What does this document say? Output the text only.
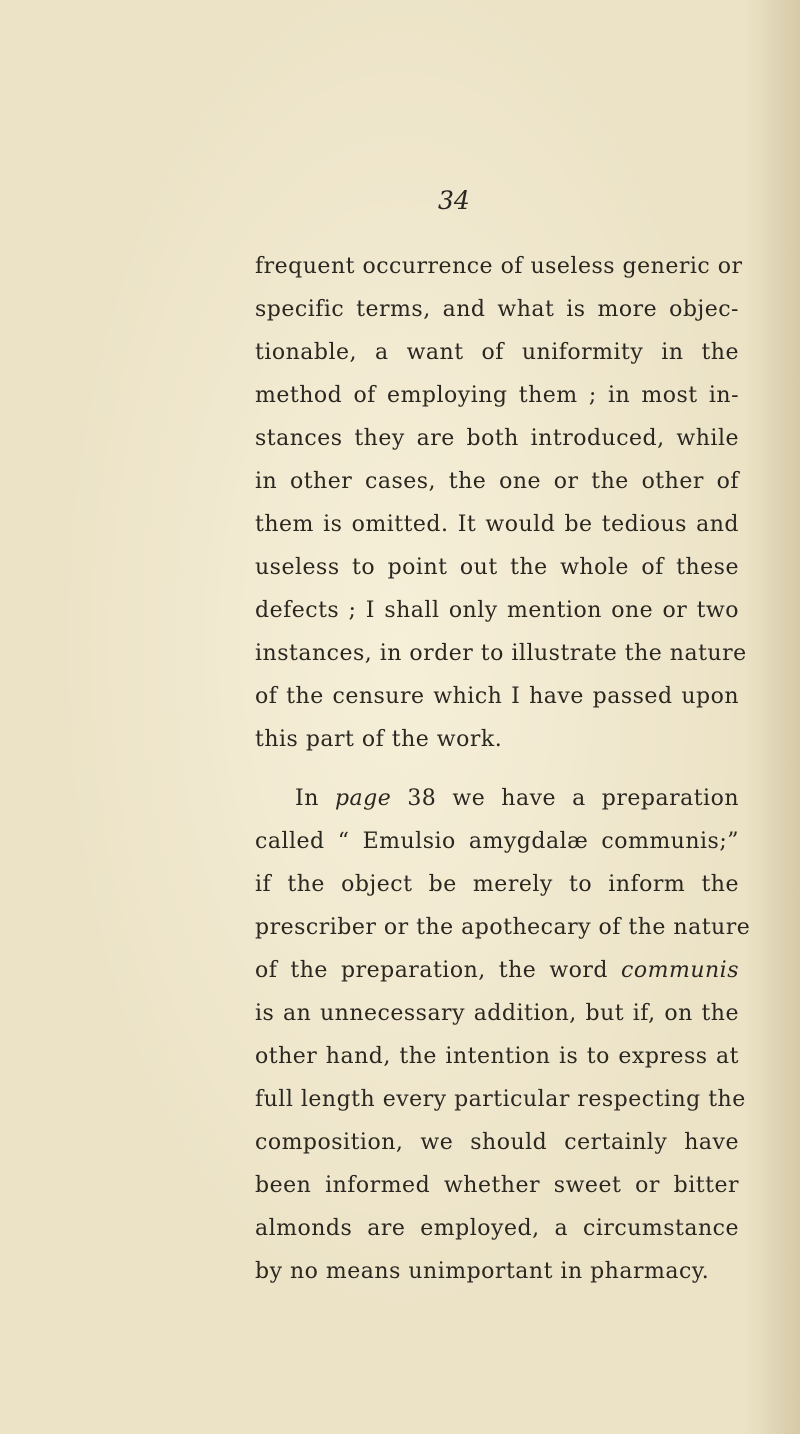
34
frequent occurrence of useless generic or
specific terms, and what is more objec-
tionable, a want of uniformity in the
method of employing them ; in most in-
stances they are both introduced, while
in other cases, the one or the other of
them is omitted. It would be tedious and
useless to point out the whole of these
defects ; I shall only mention one or two
instances, in order to illustrate the nature
of the censure which I have passed upon
this part of the work.
In page 38 we have a preparation
called “ Emulsio amygdalæ communis;”
if the object be merely to inform the
prescriber or the apothecary of the nature
of the preparation, the word communis
is an unnecessary addition, but if, on the
other hand, the intention is to express at
full length every particular respecting the
composition, we should certainly have
been informed whether sweet or bitter
almonds are employed, a circumstance
by no means unimportant in pharmacy.
